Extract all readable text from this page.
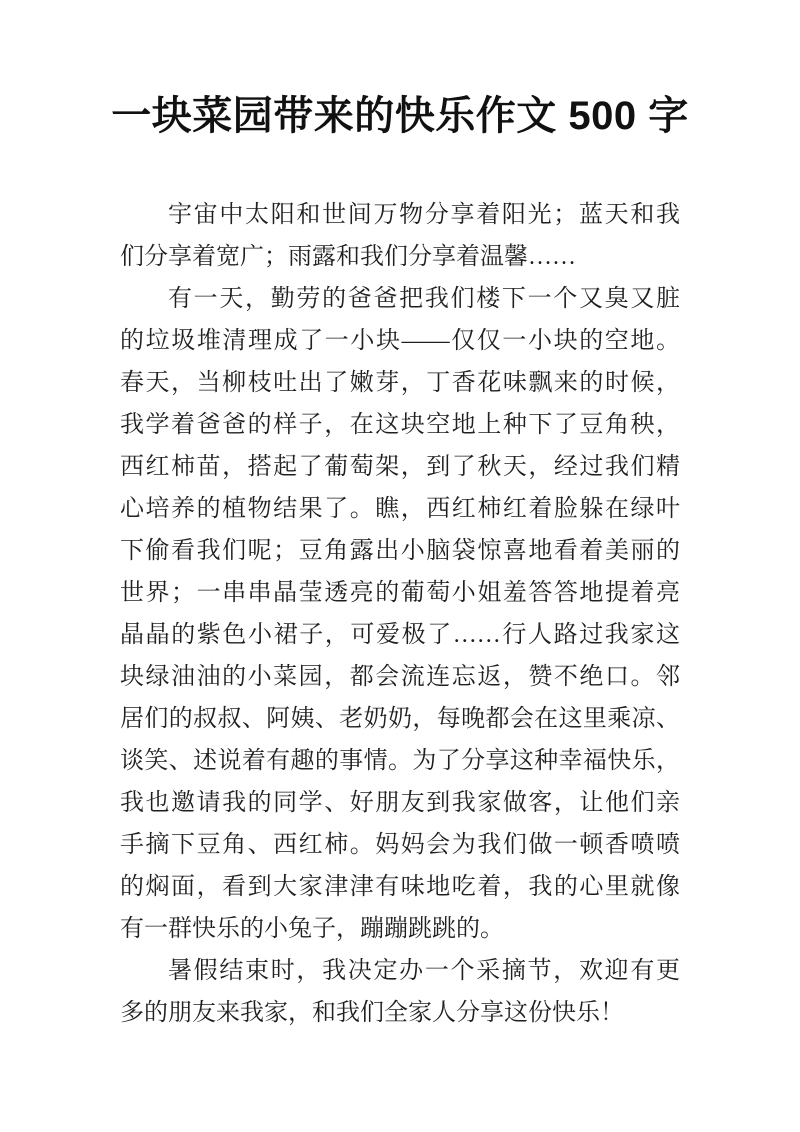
一块菜园带来的快乐作文 500 字
宇宙中太阳和世间万物分享着阳光；蓝天和我
们分享着宽广；雨露和我们分享着温馨……
有一天，勤劳的爸爸把我们楼下一个又臭又脏
的垃圾堆清理成了一小块——仅仅一小块的空地。
春天，当柳枝吐出了嫩芽，丁香花味飘来的时候，
我学着爸爸的样子，在这块空地上种下了豆角秧，
西红柿苗，搭起了葡萄架，到了秋天，经过我们精
心培养的植物结果了。瞧，西红柿红着脸躲在绿叶
下偷看我们呢；豆角露出小脑袋惊喜地看着美丽的
世界；一串串晶莹透亮的葡萄小姐羞答答地提着亮
晶晶的紫色小裙子，可爱极了……行人路过我家这
块绿油油的小菜园，都会流连忘返，赞不绝口。邻
居们的叔叔、阿姨、老奶奶，每晚都会在这里乘凉、
谈笑、述说着有趣的事情。为了分享这种幸福快乐，
我也邀请我的同学、好朋友到我家做客，让他们亲
手摘下豆角、西红柿。妈妈会为我们做一顿香喷喷
的焖面，看到大家津津有味地吃着，我的心里就像
有一群快乐的小兔子，蹦蹦跳跳的。
暑假结束时，我决定办一个采摘节，欢迎有更
多的朋友来我家，和我们全家人分享这份快乐！
